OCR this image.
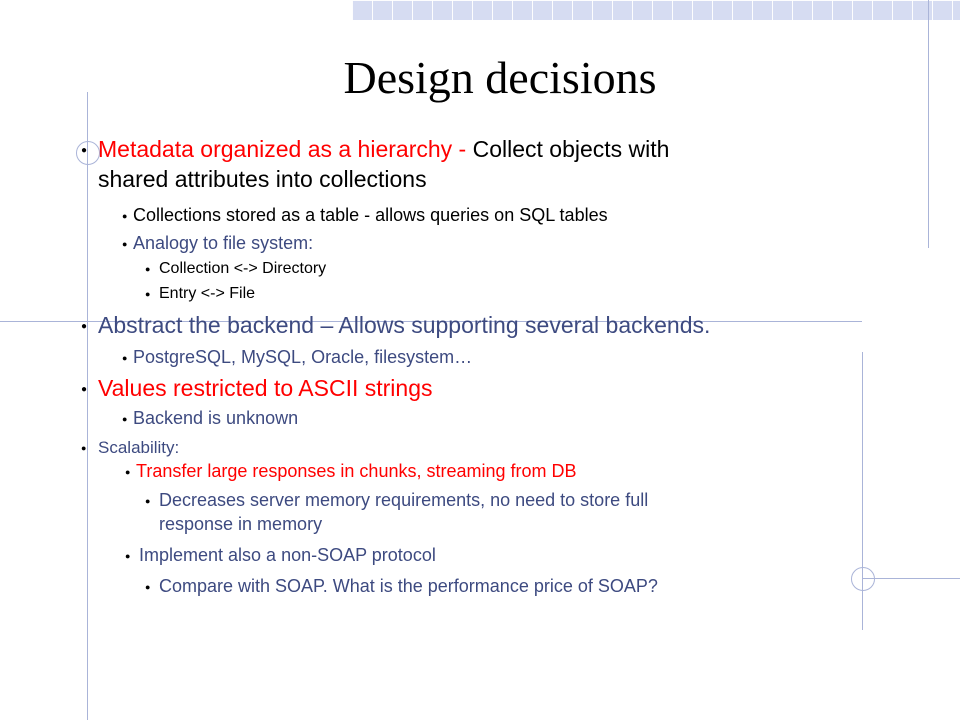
Design decisions
● Metadata organized as a hierarchy - Collect objects with
shared attributes into collections
● Collections stored as a table - allows queries on SQL tables
● Analogy to file system:
● Collection <-> Directory
● Entry <-> File
● Abstract the backend – Allows supporting several backends.
● PostgreSQL, MySQL, Oracle, filesystem…
● Values restricted to ASCII strings
● Backend is unknown
● Scalability:
● Transfer large responses in chunks, streaming from DB
● Decreases server memory requirements, no need to store full
response in memory
● Implement also a non-SOAP protocol
● Compare with SOAP. What is the performance price of SOAP?
